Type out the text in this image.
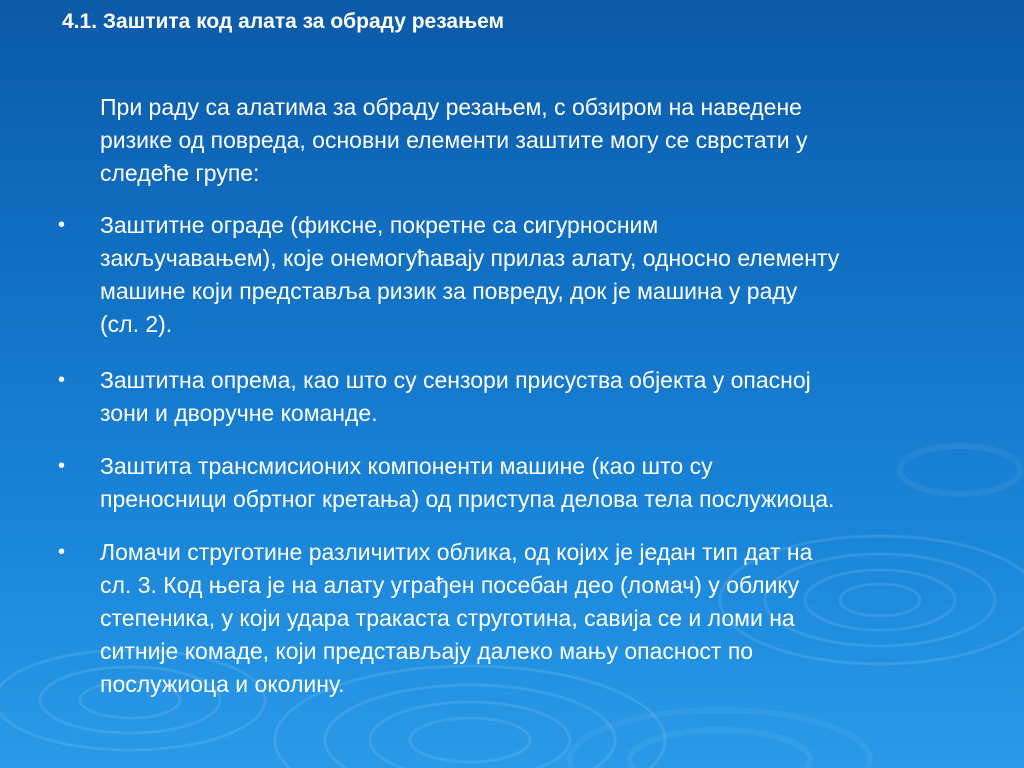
4.1. Заштита код алата за обраду резањем
При раду са алатима за обраду резањем, с обзиром на наведене
ризике од повреда, основни елементи заштите могу се сврстати у
следеће групе:
• Заштитне ограде (фиксне, покретне са сигурносним
закључавањем), које онемогућавају прилаз алату, односно елементу
машине који представља ризик за повреду, док је машина у раду
(сл. 2).
• Заштитна опрема, као што су сензори присуства објекта у опасној
зони и двоpучне команде.
• Заштита трансмисионих компоненти машине (као што су
преносници обртног кретања) од приступа делова тела послужиоца.
• Ломачи струготине различитих облика, од којих је један тип дат на
сл. 3. Код њега је на алату уграђен посебан део (ломач) у облику
степеника, у који удара тракаста струготина, савија се и ломи на
ситније комаде, који представљају далеко мању опасност по
послужиоца и околину.
